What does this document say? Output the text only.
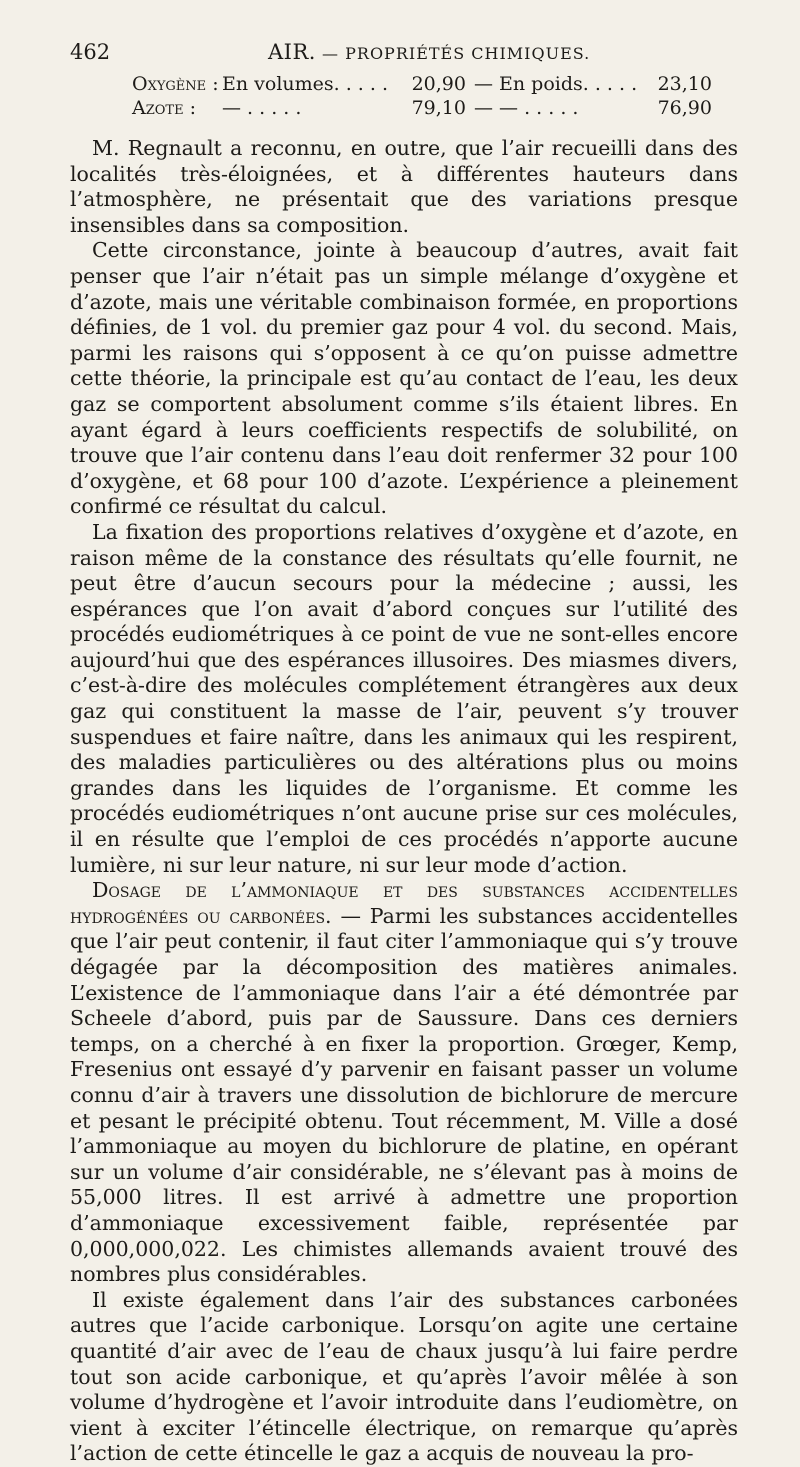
462	AIR. — PROPRIÉTÉS CHIMIQUES.
Oxygène : En volumes. . . . .	20,90 — En poids. . . . .	23,10
Azote :	— . . . . .	79,10 — — . . . . .	76,90

M. Regnault a reconnu, en outre, que l’air recueilli dans des localités très-éloignées, et à différentes hauteurs dans l’atmosphère, ne présentait que des variations presque insensibles dans sa composition.

Cette circonstance, jointe à beaucoup d’autres, avait fait penser que l’air n’était pas un simple mélange d’oxygène et d’azote, mais une véritable combinaison formée, en proportions définies, de 1 vol. du premier gaz pour 4 vol. du second. Mais, parmi les raisons qui s’opposent à ce qu’on puisse admettre cette théorie, la principale est qu’au contact de l’eau, les deux gaz se comportent absolument comme s’ils étaient libres. En ayant égard à leurs coefficients respectifs de solubilité, on trouve que l’air contenu dans l’eau doit renfermer 32 pour 100 d’oxygène, et 68 pour 100 d’azote. L’expérience a pleinement confirmé ce résultat du calcul.

La fixation des proportions relatives d’oxygène et d’azote, en raison même de la constance des résultats qu’elle fournit, ne peut être d’aucun secours pour la médecine ; aussi, les espérances que l’on avait d’abord conçues sur l’utilité des procédés eudiométriques à ce point de vue ne sont-elles encore aujourd’hui que des espérances illusoires. Des miasmes divers, c’est-à-dire des molécules complétement étrangères aux deux gaz qui constituent la masse de l’air, peuvent s’y trouver suspendues et faire naître, dans les animaux qui les respirent, des maladies particulières ou des altérations plus ou moins grandes dans les liquides de l’organisme. Et comme les procédés eudiométriques n’ont aucune prise sur ces molécules, il en résulte que l’emploi de ces procédés n’apporte aucune lumière, ni sur leur nature, ni sur leur mode d’action.

Dosage de l’ammoniaque et des substances accidentelles hydrogénées ou carbonées. — Parmi les substances accidentelles que l’air peut contenir, il faut citer l’ammoniaque qui s’y trouve dégagée par la décomposition des matières animales. L’existence de l’ammoniaque dans l’air a été démontrée par Scheele d’abord, puis par de Saussure. Dans ces derniers temps, on a cherché à en fixer la proportion. Grœger, Kemp, Fresenius ont essayé d’y parvenir en faisant passer un volume connu d’air à travers une dissolution de bichlorure de mercure et pesant le précipité obtenu. Tout récemment, M. Ville a dosé l’ammoniaque au moyen du bichlorure de platine, en opérant sur un volume d’air considérable, ne s’élevant pas à moins de 55,000 litres. Il est arrivé à admettre une proportion d’ammoniaque excessivement faible, représentée par 0,000,000,022. Les chimistes allemands avaient trouvé des nombres plus considérables.

Il existe également dans l’air des substances carbonées autres que l’acide carbonique. Lorsqu’on agite une certaine quantité d’air avec de l’eau de chaux jusqu’à lui faire perdre tout son acide carbonique, et qu’après l’avoir mêlée à son volume d’hydrogène et l’avoir introduite dans l’eudiomètre, on vient à exciter l’étincelle électrique, on remarque qu’après l’action de cette étincelle le gaz a acquis de nouveau la pro-
